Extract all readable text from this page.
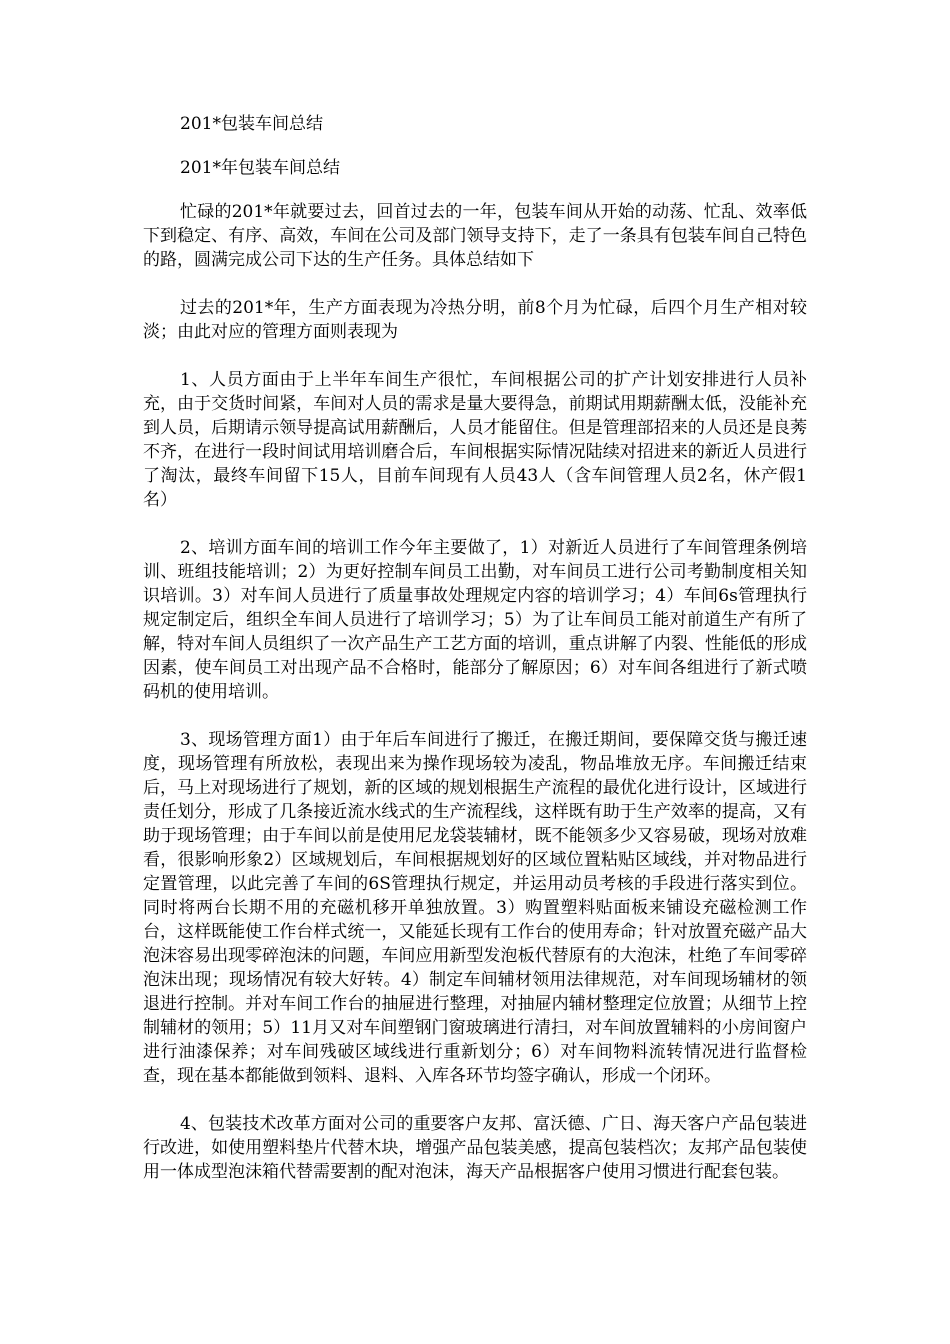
201*包装车间总结

201*年包装车间总结

忙碌的201*年就要过去，回首过去的一年，包装车间从开始的动荡、忙乱、效率低下到稳定、有序、高效，车间在公司及部门领导支持下，走了一条具有包装车间自己特色的路，圆满完成公司下达的生产任务。具体总结如下

过去的201*年，生产方面表现为冷热分明，前8个月为忙碌，后四个月生产相对较淡；由此对应的管理方面则表现为

1、人员方面由于上半年车间生产很忙，车间根据公司的扩产计划安排进行人员补充，由于交货时间紧，车间对人员的需求是量大要得急，前期试用期薪酬太低，没能补充到人员，后期请示领导提高试用薪酬后，人员才能留住。但是管理部招来的人员还是良莠不齐，在进行一段时间试用培训磨合后，车间根据实际情况陆续对招进来的新近人员进行了淘汰，最终车间留下15人，目前车间现有人员43人（含车间管理人员2名，休产假1名）

2、培训方面车间的培训工作今年主要做了，1）对新近人员进行了车间管理条例培训、班组技能培训；2）为更好控制车间员工出勤，对车间员工进行公司考勤制度相关知识培训。3）对车间人员进行了质量事故处理规定内容的培训学习；4）车间6s管理执行规定制定后，组织全车间人员进行了培训学习；5）为了让车间员工能对前道生产有所了解，特对车间人员组织了一次产品生产工艺方面的培训，重点讲解了内裂、性能低的形成因素，使车间员工对出现产品不合格时，能部分了解原因；6）对车间各组进行了新式喷码机的使用培训。

3、现场管理方面1）由于年后车间进行了搬迁，在搬迁期间，要保障交货与搬迁速度，现场管理有所放松，表现出来为操作现场较为凌乱，物品堆放无序。车间搬迁结束后，马上对现场进行了规划，新的区域的规划根据生产流程的最优化进行设计，区域进行责任划分，形成了几条接近流水线式的生产流程线，这样既有助于生产效率的提高，又有助于现场管理；由于车间以前是使用尼龙袋装辅材，既不能领多少又容易破，现场对放难看，很影响形象2）区域规划后，车间根据规划好的区域位置粘贴区域线，并对物品进行定置管理，以此完善了车间的6S管理执行规定，并运用动员考核的手段进行落实到位。同时将两台长期不用的充磁机移开单独放置。3）购置塑料贴面板来铺设充磁检测工作台，这样既能使工作台样式统一，又能延长现有工作台的使用寿命；针对放置充磁产品大泡沫容易出现零碎泡沫的问题，车间应用新型发泡板代替原有的大泡沫，杜绝了车间零碎泡沫出现；现场情况有较大好转。4）制定车间辅材领用法律规范，对车间现场辅材的领退进行控制。并对车间工作台的抽屉进行整理，对抽屉内辅材整理定位放置；从细节上控制辅材的领用；5）11月又对车间塑钢门窗玻璃进行清扫，对车间放置辅料的小房间窗户进行油漆保养；对车间残破区域线进行重新划分；6）对车间物料流转情况进行监督检查，现在基本都能做到领料、退料、入库各环节均签字确认，形成一个闭环。

4、包装技术改革方面对公司的重要客户友邦、富沃德、广日、海天客户产品包装进行改进，如使用塑料垫片代替木块，增强产品包装美感，提高包装档次；友邦产品包装使用一体成型泡沫箱代替需要割的配对泡沫，海天产品根据客户使用习惯进行配套包装。
